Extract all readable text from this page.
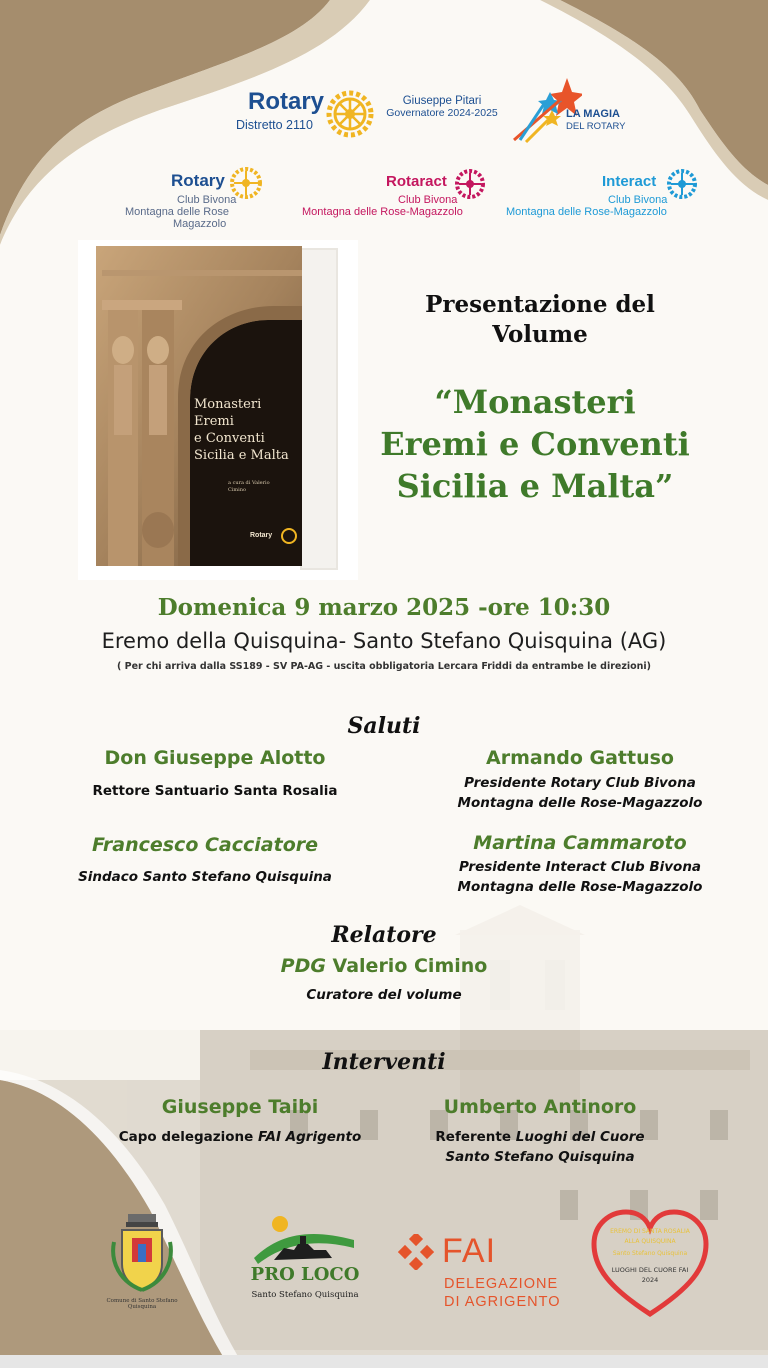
Rotary
Distretto 2110
Giuseppe Pitari
Governatore 2024-2025	LA MAGIA
DEL ROTARY
Rotary
Club Bivona
Montagna delle Rose
Magazzolo
Rotaract
Club Bivona
Montagna delle Rose-Magazzolo
Interact
Club Bivona
Montagna delle Rose-Magazzolo
Monasteri
Eremi
e Conventi
Sicilia e Malta
a cura di Valerio Cimino
Rotary
Presentazione del
Volume
“Monasteri
Eremi e Conventi
Sicilia e Malta”
Domenica 9 marzo 2025 -ore 10:30
Eremo della Quisquina- Santo Stefano Quisquina (AG)
( Per chi arriva dalla SS189 - SV PA-AG - uscita obbligatoria Lercara Friddi da entrambe le direzioni)
Saluti
Don Giuseppe Alotto
Rettore Santuario Santa Rosalia
Armando Gattuso
Presidente Rotary Club Bivona
Montagna delle Rose-Magazzolo
Francesco Cacciatore
Sindaco Santo Stefano Quisquina
Martina Cammaroto
Presidente Interact Club Bivona
Montagna delle Rose-Magazzolo
Relatore
PDG Valerio Cimino
Curatore del volume
Interventi
Giuseppe Taibi
Capo delegazione FAI Agrigento
Umberto Antinoro
Referente Luoghi del Cuore
Santo Stefano Quisquina
Comune di Santo Stefano Quisquina
PRO LOCO
Santo Stefano Quisquina
FAI
DELEGAZIONE
DI AGRIGENTO
EREMO DI SANTA ROSALIA
ALLA QUISQUINA
Santo Stefano Quisquina
LUOGHI DEL CUORE FAI
2024
